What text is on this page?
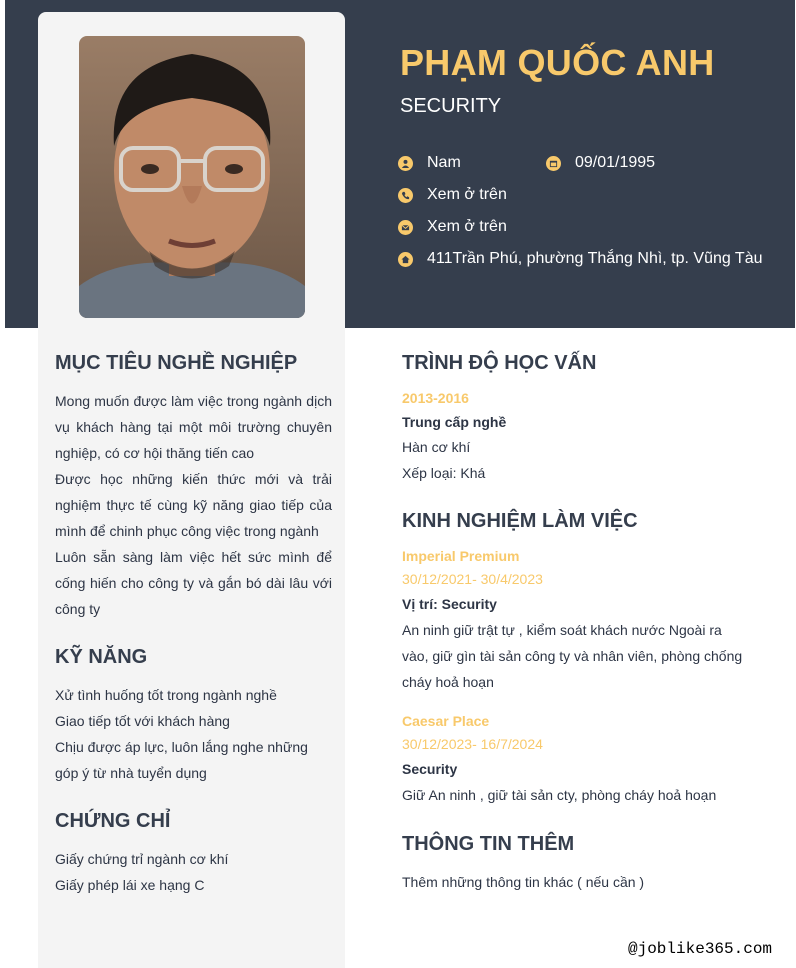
PHẠM QUỐC ANH
SECURITY
Nam	09/01/1995
Xem ở trên
Xem ở trên
411Trần Phú, phường Thắng Nhì, tp. Vũng Tàu
MỤC TIÊU NGHỀ NGHIỆP
Mong muốn được làm việc trong ngành dịch vụ khách hàng tại một môi trường chuyên nghiệp, có cơ hội thăng tiến cao
Được học những kiến thức mới và trải nghiệm thực tế cùng kỹ năng giao tiếp của mình để chinh phục công việc trong ngành
Luôn sẵn sàng làm việc hết sức mình để cống hiến cho công ty và gắn bó dài lâu với công ty
KỸ NĂNG
Xử tình huống tốt trong ngành nghề
Giao tiếp tốt với khách hàng
Chịu được áp lực, luôn lắng nghe những góp ý từ nhà tuyển dụng
CHỨNG CHỈ
Giấy chứng trỉ ngành cơ khí
Giấy phép lái xe hạng C
TRÌNH ĐỘ HỌC VẤN
2013-2016
Trung cấp nghề
Hàn cơ khí
Xếp loại: Khá
KINH NGHIỆM LÀM VIỆC
Imperial Premium
30/12/2021- 30/4/2023
Vị trí: Security
An ninh giữ trật tự , kiểm soát khách nước Ngoài ra vào, giữ gìn tài sản công ty và nhân viên, phòng chống cháy hoả hoạn
Caesar Place
30/12/2023- 16/7/2024
Security
Giữ An ninh , giữ tài sản cty, phòng cháy hoả hoạn
THÔNG TIN THÊM
Thêm những thông tin khác ( nếu cần )
@joblike365.com
